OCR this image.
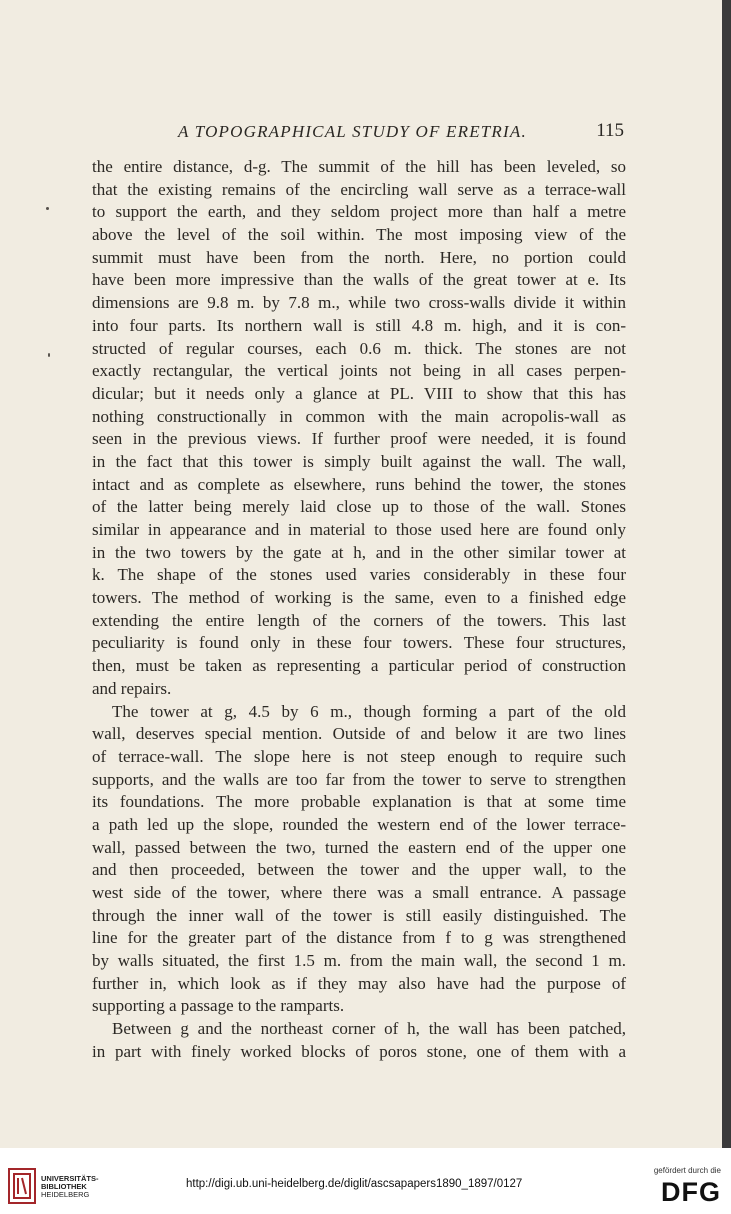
A TOPOGRAPHICAL STUDY OF ERETRIA.	115
the entire distance, d-g. The summit of the hill has been leveled, so
that the existing remains of the encircling wall serve as a terrace-wall
to support the earth, and they seldom project more than half a metre
above the level of the soil within. The most imposing view of the
summit must have been from the north. Here, no portion could
have been more impressive than the walls of the great tower at e. Its
dimensions are 9.8 m. by 7.8 m., while two cross-walls divide it within
into four parts. Its northern wall is still 4.8 m. high, and it is con-
structed of regular courses, each 0.6 m. thick. The stones are not
exactly rectangular, the vertical joints not being in all cases perpen-
dicular; but it needs only a glance at PL. VIII to show that this has
nothing constructionally in common with the main acropolis-wall as
seen in the previous views. If further proof were needed, it is found
in the fact that this tower is simply built against the wall. The wall,
intact and as complete as elsewhere, runs behind the tower, the stones
of the latter being merely laid close up to those of the wall. Stones
similar in appearance and in material to those used here are found only
in the two towers by the gate at h, and in the other similar tower at
k. The shape of the stones used varies considerably in these four
towers. The method of working is the same, even to a finished edge
extending the entire length of the corners of the towers. This last
peculiarity is found only in these four towers. These four structures,
then, must be taken as representing a particular period of construction
and repairs.
The tower at g, 4.5 by 6 m., though forming a part of the old
wall, deserves special mention. Outside of and below it are two lines
of terrace-wall. The slope here is not steep enough to require such
supports, and the walls are too far from the tower to serve to strengthen
its foundations. The more probable explanation is that at some time
a path led up the slope, rounded the western end of the lower terrace-
wall, passed between the two, turned the eastern end of the upper one
and then proceeded, between the tower and the upper wall, to the
west side of the tower, where there was a small entrance. A passage
through the inner wall of the tower is still easily distinguished. The
line for the greater part of the distance from f to g was strengthened
by walls situated, the first 1.5 m. from the main wall, the second 1 m.
further in, which look as if they may also have had the purpose of
supporting a passage to the ramparts.
Between g and the northeast corner of h, the wall has been patched,
in part with finely worked blocks of poros stone, one of them with a
UNIVERSITÄTS-
BIBLIOTHEK
HEIDELBERG
http://digi.ub.uni-heidelberg.de/diglit/ascsapapers1890_1897/0127
gefördert durch die
DFG
